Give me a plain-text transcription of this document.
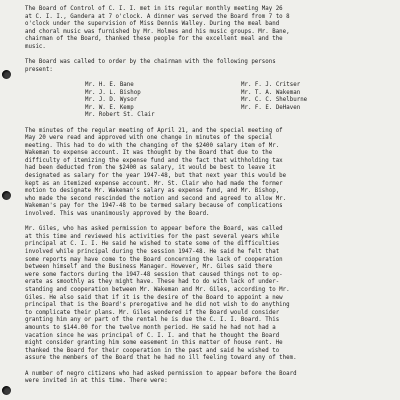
The Board of Control of C. I. I. met in its regular monthly meeting May 26
at C. I. I., Gandera at 7 o'clock. A dinner was served the Board from 7 to 8
o'clock under the supervision of Miss Dennis Walley. During the meal band
and choral music was furnished by Mr. Holmes and his music groups. Mr. Bane,
chairman of the Board, thanked these people for the excellent meal and the
music.
The Board was called to order by the chairman with the following persons
present:
Mr. H. E. Bane
Mr. J. L. Bishop
Mr. J. D. Wysor
Mr. W. E. Kemp
Mr. Robert St. Clair
Mr. F. J. Critser
Mr. T. A. Wakeman
Mr. C. C. Shelburne
Mr. F. E. DeHaven
The minutes of the regular meeting of April 21, and the special meeting of
May 20 were read and approved with one change in minutes of the special
meeting. This had to do with the changing of the $2400 salary item of Mr.
Wakeman to expense account. It was thought by the Board that due to the
difficulty of itemizing the expense fund and the fact that withholding tax
had been deducted from the $2400 as salary, it would be best to leave it
designated as salary for the year 1947-48, but that next year this would be
kept as an itemized expense account. Mr. St. Clair who had made the former
motion to designate Mr. Wakeman's salary as expense fund, and Mr. Bishop,
who made the second rescinded the motion and second and agreed to allow Mr.
Wakeman's pay for the 1947-48 to be termed salary because of complications
involved. This was unanimously approved by the Board.
Mr. Giles, who has asked permission to appear before the Board, was called
at this time and reviewed his activities for the past several years while
principal at C. I. I. He said he wished to state some of the difficulties
involved while principal during the session 1947-48. He said he felt that
some reports may have come to the Board concerning the lack of cooperation
between himself and the Business Manager. However, Mr. Giles said there
were some factors during the 1947-48 session that caused things not to op-
erate as smoothly as they might have. These had to do with lack of under-
standing and cooperation between Mr. Wakeman and Mr. Giles, according to Mr.
Giles. He also said that if it is the desire of the Board to appoint a new
principal that is the Board's prerogative and he did not wish to do anything
to complicate their plans. Mr. Giles wondered if the Board would consider
granting him any or part of the rental he is due the C. I. I. Board. This
amounts to $144.00 for the twelve month period. He said he had not had a
vacation since he was principal of C. I. I. and that he thought the Board
might consider granting him some easement in this matter of house rent. He
thanked the Board for their cooperation in the past and said he wished to
assure the members of the Board that he had no ill feeling toward any of them.
A number of negro citizens who had asked permission to appear before the Board
were invited in at this time. There were:
